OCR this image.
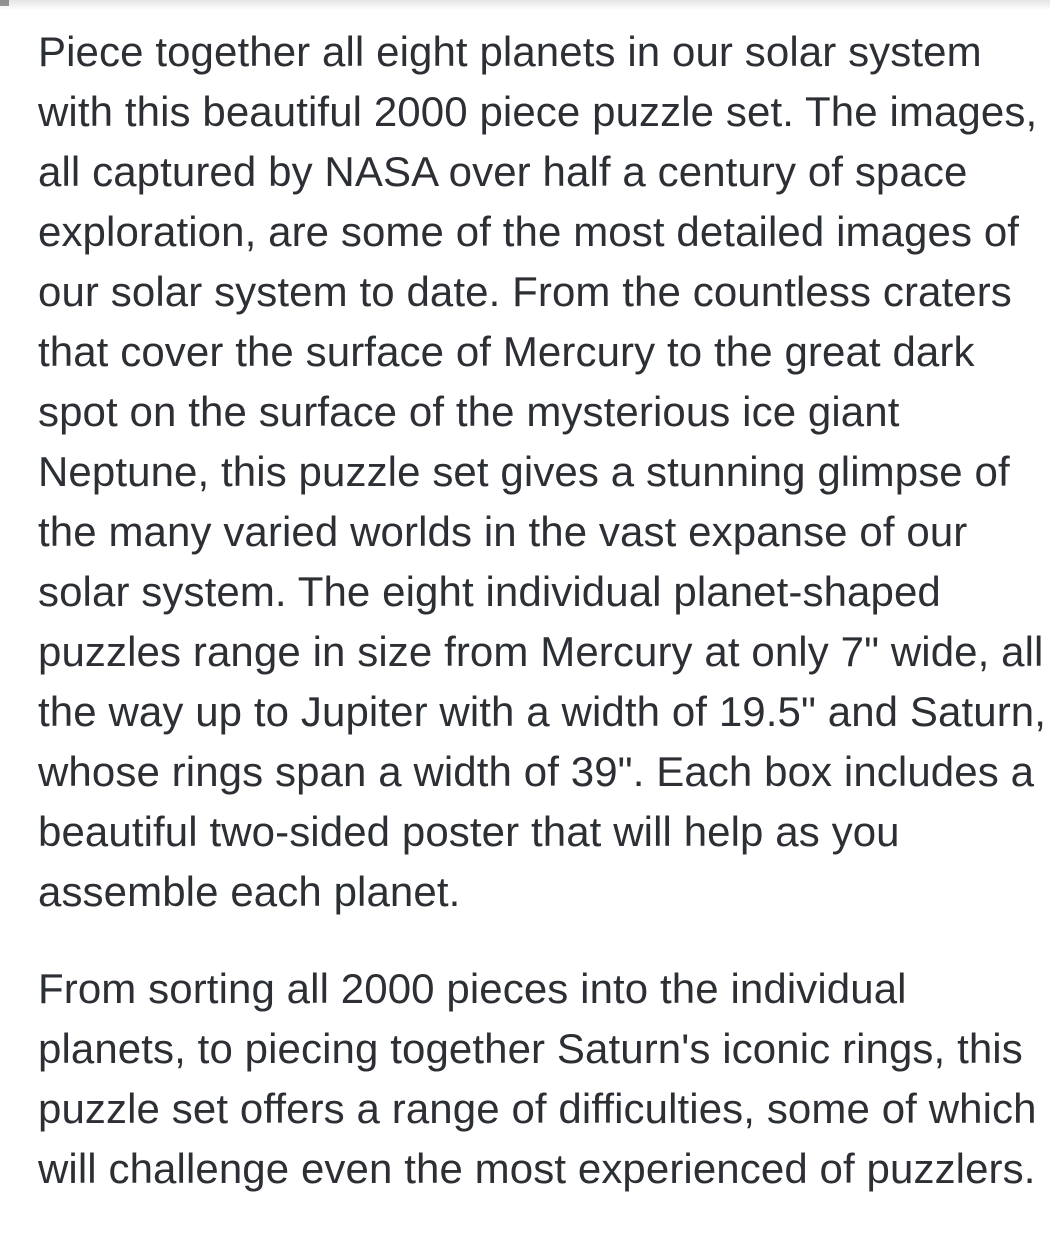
Piece together all eight planets in our solar system
with this beautiful 2000 piece puzzle set. The images,
all captured by NASA over half a century of space
exploration, are some of the most detailed images of
our solar system to date. From the countless craters
that cover the surface of Mercury to the great dark
spot on the surface of the mysterious ice giant
Neptune, this puzzle set gives a stunning glimpse of
the many varied worlds in the vast expanse of our
solar system. The eight individual planet-shaped
puzzles range in size from Mercury at only 7" wide, all
the way up to Jupiter with a width of 19.5" and Saturn,
whose rings span a width of 39". Each box includes a
beautiful two-sided poster that will help as you
assemble each planet.
From sorting all 2000 pieces into the individual
planets, to piecing together Saturn's iconic rings, this
puzzle set offers a range of difficulties, some of which
will challenge even the most experienced of puzzlers.
